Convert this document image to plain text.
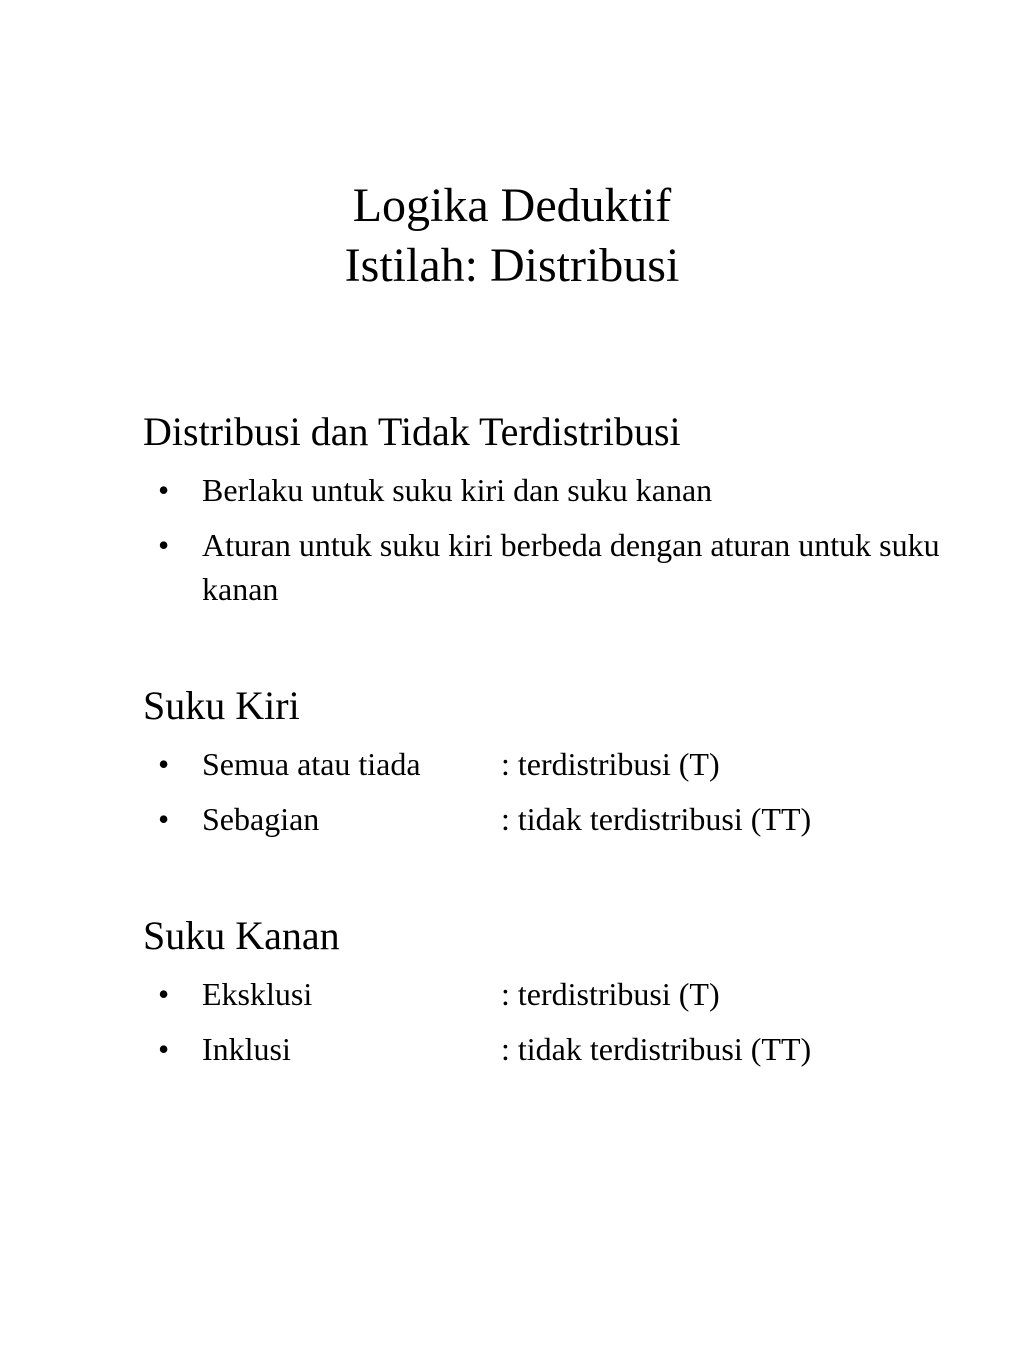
Logika Deduktif
Istilah: Distribusi
Distribusi dan Tidak Terdistribusi
• Berlaku untuk suku kiri dan suku kanan
• Aturan untuk suku kiri berbeda dengan aturan untuk suku kanan
Suku Kiri
• Semua atau tiada	: terdistribusi (T)
• Sebagian	: tidak terdistribusi (TT)
Suku Kanan
• Eksklusi	: terdistribusi (T)
• Inklusi	: tidak terdistribusi (TT)
